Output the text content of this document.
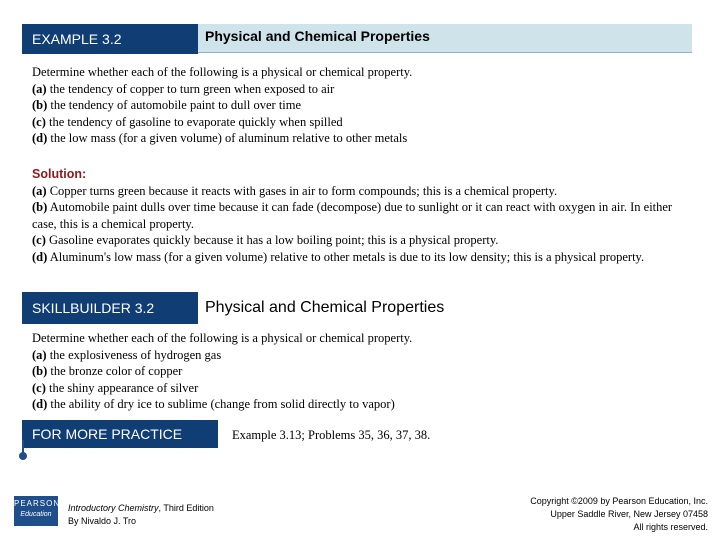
EXAMPLE 3.2	Physical and Chemical Properties

Determine whether each of the following is a physical or chemical property.

(a) the tendency of copper to turn green when exposed to air

(b) the tendency of automobile paint to dull over time

(c) the tendency of gasoline to evaporate quickly when spilled

(d) the low mass (for a given volume) of aluminum relative to other metals

Solution:

(a) Copper turns green because it reacts with gases in air to form compounds; this is a chemical property.

(b) Automobile paint dulls over time because it can fade (decompose) due to sunlight or it can react with oxygen in air. In either case, this is a chemical property.

(c) Gasoline evaporates quickly because it has a low boiling point; this is a physical property.

(d) Aluminum's low mass (for a given volume) relative to other metals is due to its low density; this is a physical property.

SKILLBUILDER 3.2	Physical and Chemical Properties

Determine whether each of the following is a physical or chemical property.

(a) the explosiveness of hydrogen gas

(b) the bronze color of copper

(c) the shiny appearance of silver

(d) the ability of dry ice to sublime (change from solid directly to vapor)

FOR MORE PRACTICE	Example 3.13; Problems 35, 36, 37, 38.
PEARSON
Education
Introductory Chemistry, Third Edition
By Nivaldo J. Tro
Copyright ©2009 by Pearson Education, Inc.
Upper Saddle River, New Jersey 07458
All rights reserved.
